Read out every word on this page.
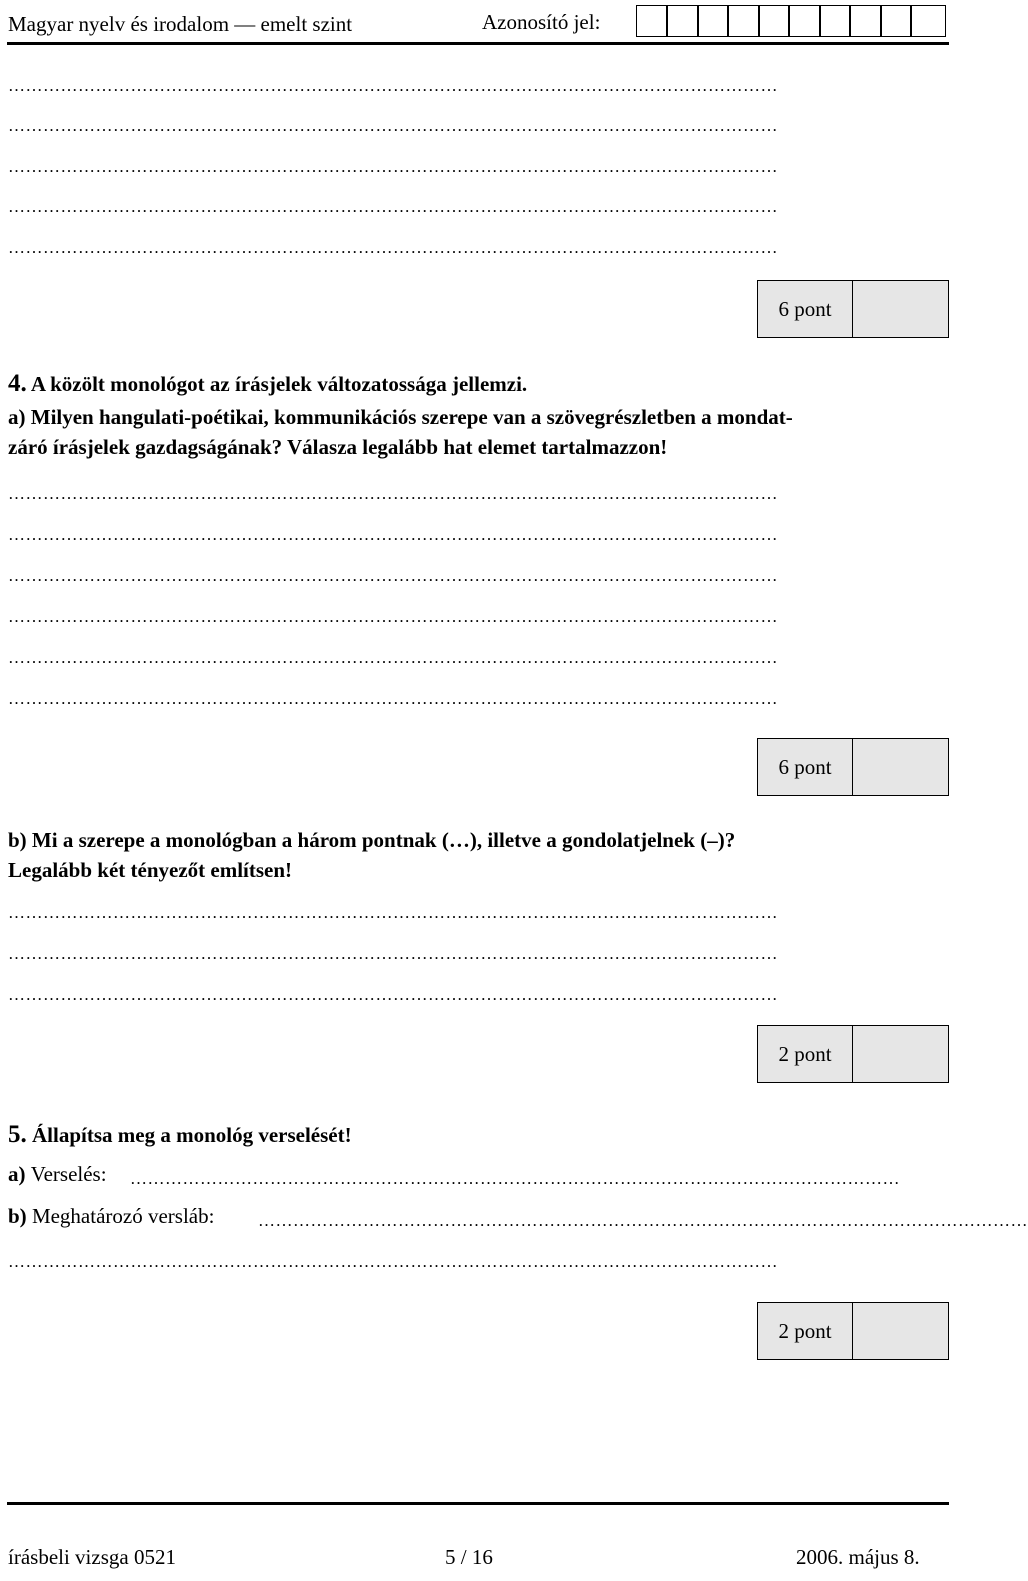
Magyar nyelv és irodalom — emelt szint	Azonosító jel:
……………………………………………………………………………………………………………………
……………………………………………………………………………………………………………………
……………………………………………………………………………………………………………………
……………………………………………………………………………………………………………………
……………………………………………………………………………………………………………………
6 pont
4. A közölt monológot az írásjelek változatossága jellemzi.
a) Milyen hangulati-poétikai, kommunikációs szerepe van a szövegrészletben a mondat-
záró írásjelek gazdagságának? Válasza legalább hat elemet tartalmazzon!
……………………………………………………………………………………………………………………
……………………………………………………………………………………………………………………
……………………………………………………………………………………………………………………
……………………………………………………………………………………………………………………
……………………………………………………………………………………………………………………
……………………………………………………………………………………………………………………
6 pont
b) Mi a szerepe a monológban a három pontnak (…), illetve a gondolatjelnek (–)?
Legalább két tényezőt említsen!
……………………………………………………………………………………………………………………
……………………………………………………………………………………………………………………
……………………………………………………………………………………………………………………
2 pont
5. Állapítsa meg a monológ verselését!
a) Verselés: ……………………………………………………………………………………………………………………
b) Meghatározó versláb:	……………………………………………………………………………………………………………………
……………………………………………………………………………………………………………………
2 pont
írásbeli vizsga 0521	5 / 16	2006. május 8.
